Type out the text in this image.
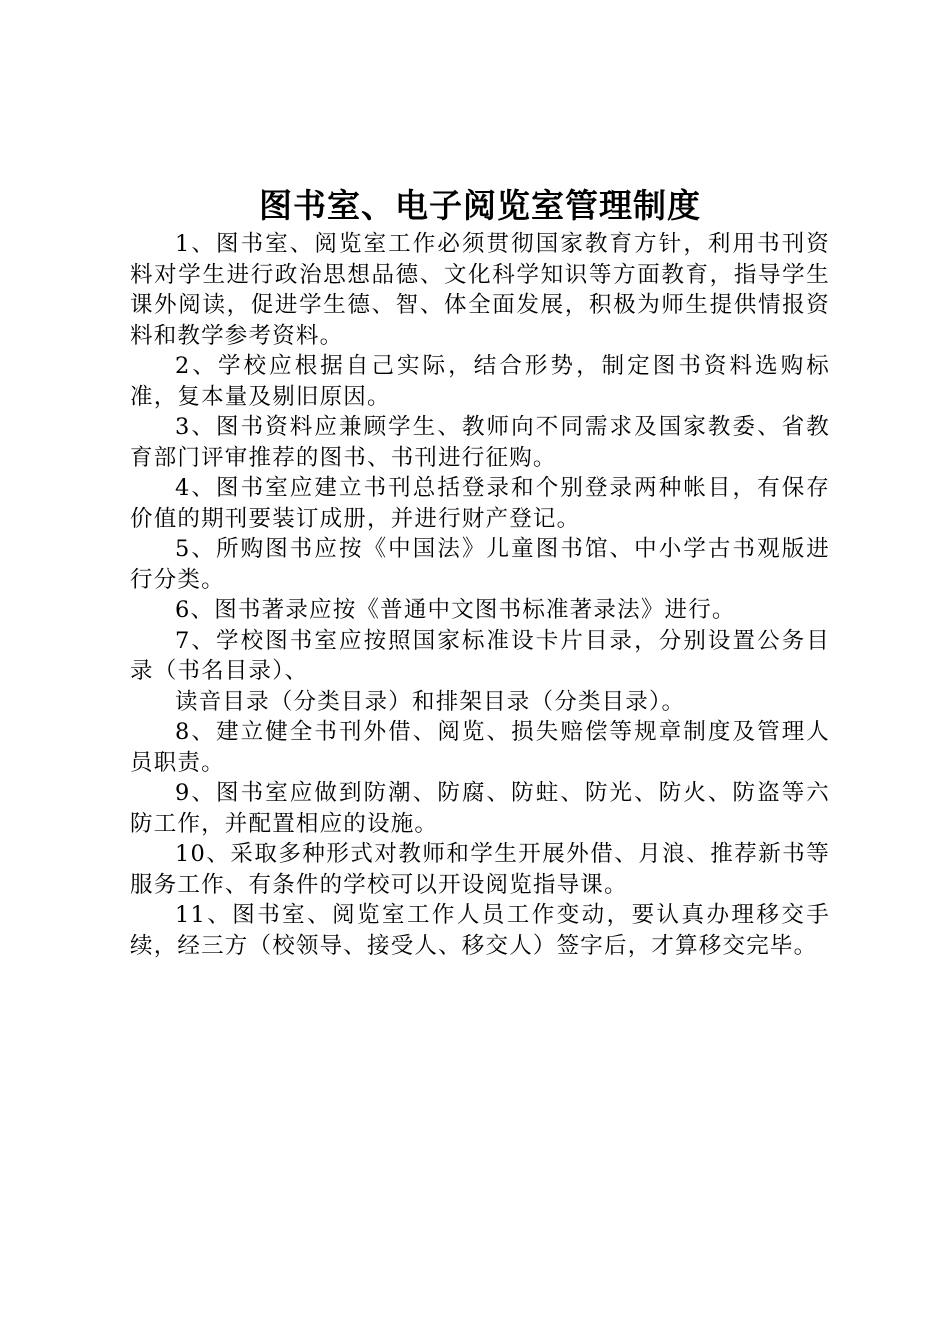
图书室、电子阅览室管理制度

1、图书室、阅览室工作必须贯彻国家教育方针，利用书刊资料对学生进行政治思想品德、文化科学知识等方面教育，指导学生课外阅读，促进学生德、智、体全面发展，积极为师生提供情报资料和教学参考资料。

2、学校应根据自己实际，结合形势，制定图书资料选购标准，复本量及剔旧原因。

3、图书资料应兼顾学生、教师向不同需求及国家教委、省教育部门评审推荐的图书、书刊进行征购。

4、图书室应建立书刊总括登录和个别登录两种帐目，有保存价值的期刊要装订成册，并进行财产登记。

5、所购图书应按《中国法》儿童图书馆、中小学古书观版进行分类。

6、图书著录应按《普通中文图书标准著录法》进行。

7、学校图书室应按照国家标准设卡片目录，分别设置公务目录（书名目录）、

读音目录（分类目录）和排架目录（分类目录）。

8、建立健全书刊外借、阅览、损失赔偿等规章制度及管理人员职责。

9、图书室应做到防潮、防腐、防蛀、防光、防火、防盗等六防工作，并配置相应的设施。

10、采取多种形式对教师和学生开展外借、月浪、推荐新书等服务工作、有条件的学校可以开设阅览指导课。

11、图书室、阅览室工作人员工作变动，要认真办理移交手续，经三方（校领导、接受人、移交人）签字后，才算移交完毕。
